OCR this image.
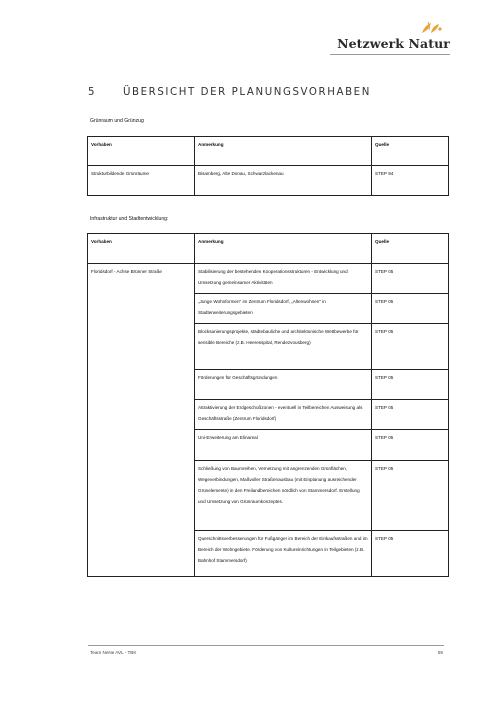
Netzwerk Natur
5	ÜBERSICHT DER PLANUNGSVORHABEN
Grünraum und Grünzug
Vorhaben	Anmerkung	Quelle
Strukturbildende Grünräume	Bisamberg, Alte Donau, Schwarzlackenau	STEP 94
Infrastruktur und Stadtentwicklung:
Vorhaben	Anmerkung	Quelle
Floridsdorf - Achse Brünner Straße	Stabilisierung der bestehenden Kooperationsstrukturen - Entwicklung und Umsetzung gemeinsamer Aktivitäten	STEP 05
	„Junge Wohnformen" im Zentrum Floridsdorf, „Altenwohnen" in Stadterweiterungsgebieten	STEP 05
	Blocksanierungsprojekte, städtebauliche und architektonische Wettbewerbe für sensible Bereiche (z.B. Heeresspital, Rendezvousberg)	STEP 05
	Förderungen für Geschäftsgründungen	STEP 05
	Attraktivierung der Erdgeschoßzonen - eventuell in Teilbereichen Ausweisung als Geschäftsstraße (Zentrum Floridsdorf)	STEP 05
	Uni-Erweiterung am Elinareal	STEP 05
	Schließung von Baumreihen, Vernetzung mit angrenzenden Grünflächen, Wegeverbindungen, Maßvoller Straßenausbau (mit Einplanung ausreichender Grünelemente) in den Freilandbereichen nördlich von Stammersdorf. Erstellung und Umsetzung von Grünraumkonzeptes.	STEP 05
	Querschnittsverbesserungen für Fußgänger im Bereich der Einkaufsstraßen und im Bereich der Wohngebiete. Förderung von Kultureinrichtungen in Teilgebieten (z.B. Bahnhof Stammersdorf)	STEP 05
Team NeNe AVL - TBK	59
